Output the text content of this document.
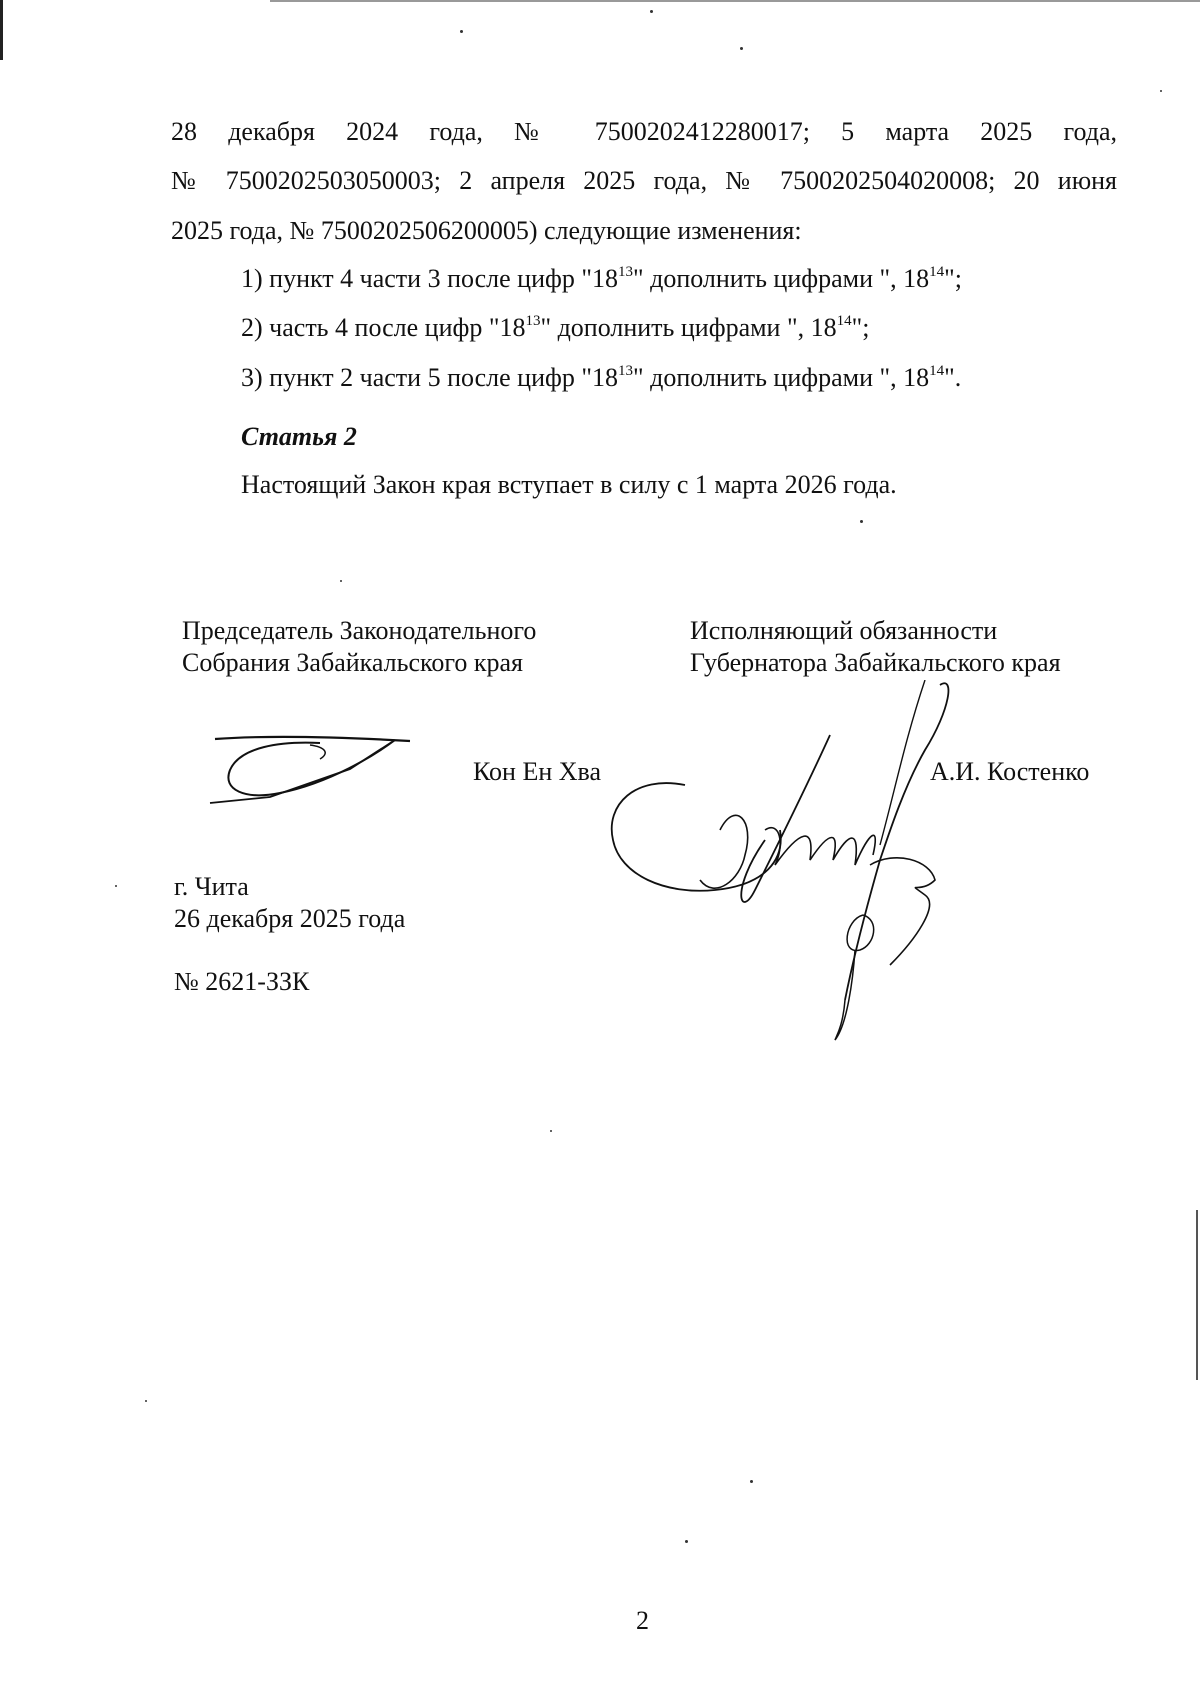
28 декабря 2024 года, № 7500202412280017; 5 марта 2025 года,
№ 7500202503050003; 2 апреля 2025 года, № 7500202504020008; 20 июня
2025 года, № 7500202506200005) следующие изменения:
1) пункт 4 части 3 после цифр "$18^{13}$" дополнить цифрами ", $18^{14}$";
2) часть 4 после цифр "$18^{13}$" дополнить цифрами ", $18^{14}$";
3) пункт 2 части 5 после цифр "$18^{13}$" дополнить цифрами ", $18^{14}$".
Статья 2
Настоящий Закон края вступает в силу с 1 марта 2026 года.
Председатель Законодательного
Собрания Забайкальского края
Кон Ен Хва
Исполняющий обязанности
Губернатора Забайкальского края
А.И. Костенко
г. Чита
26 декабря 2025 года
№ 2621-ЗЗК
2
